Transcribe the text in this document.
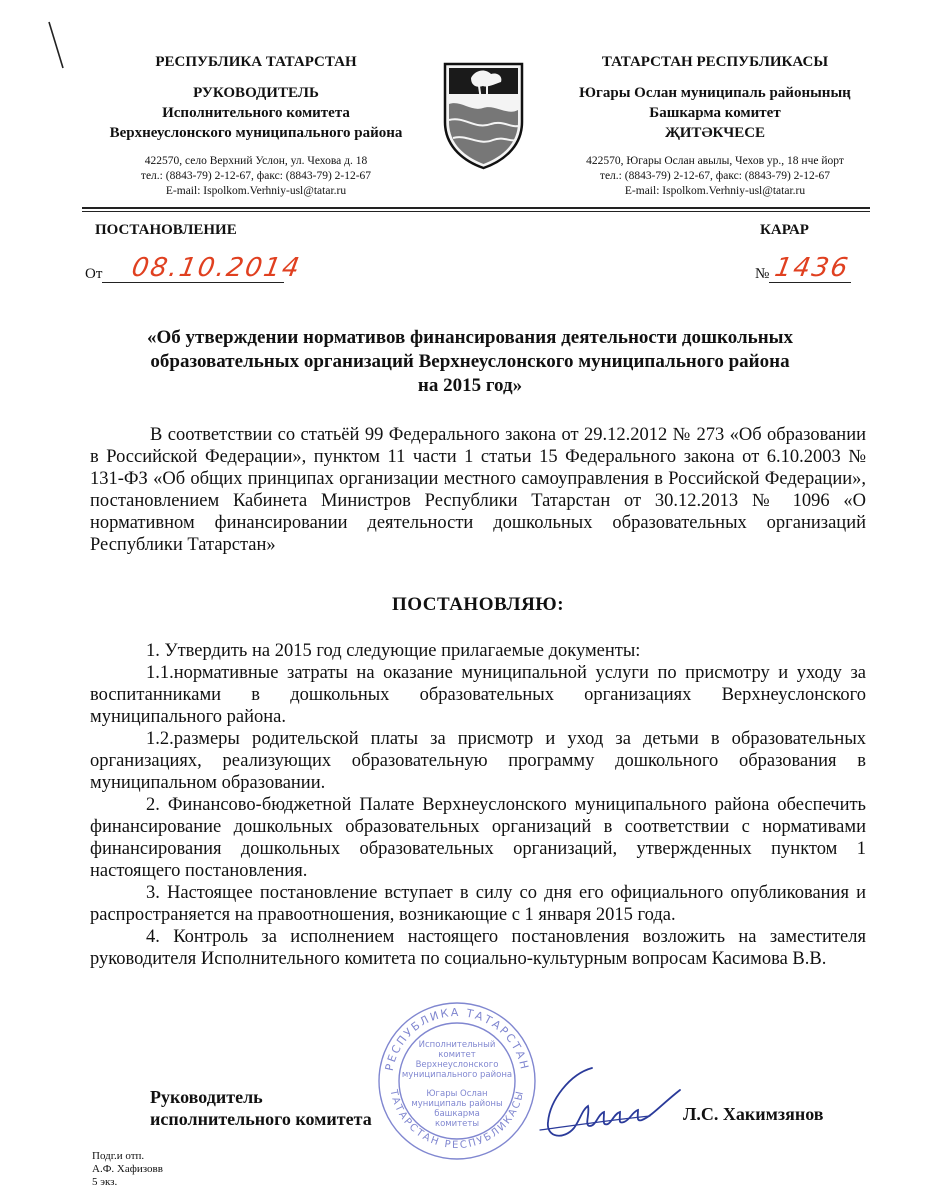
РЕСПУБЛИКА ТАТАРСТАН
РУКОВОДИТЕЛЬ
Исполнительного комитета
Верхнеуслонского муниципального района
422570, село Верхний Услон, ул. Чехова д. 18
тел.: (8843-79) 2-12-67, факс: (8843-79) 2-12-67
E-mail: Ispolkom.Verhniy-usl@tatar.ru
ТАТАРСТАН РЕСПУБЛИКАСЫ
Югары Ослан муниципаль районының
Башкарма комитет
ҖИТӘКЧЕСЕ
422570, Югары Ослан авылы, Чехов ур., 18 нче йорт
тел.: (8843-79) 2-12-67, факс: (8843-79) 2-12-67
E-mail: Ispolkom.Verhniy-usl@tatar.ru
ПОСТАНОВЛЕНИЕ	КАРАР
От 08.10.2014	№ 1436
«Об утверждении нормативов финансирования деятельности дошкольных
образовательных организаций Верхнеуслонского муниципального района
на 2015 год»
В соответствии со статьёй 99 Федерального закона от 29.12.2012 № 273 «Об образовании в Российской Федерации», пунктом 11 части 1 статьи 15 Федерального закона от 6.10.2003 № 131-ФЗ «Об общих принципах организации местного самоуправления в Российской Федерации», постановлением Кабинета Министров Республики Татарстан от 30.12.2013 № 1096 «О нормативном финансировании деятельности дошкольных образовательных организаций Республики Татарстан»
ПОСТАНОВЛЯЮ:

1. Утвердить на 2015 год следующие прилагаемые документы:

1.1.нормативные затраты на оказание муниципальной услуги по присмотру и уходу за воспитанниками в дошкольных образовательных организациях Верхнеуслонского муниципального района.

1.2.размеры родительской платы за присмотр и уход за детьми в образовательных организациях, реализующих образовательную программу дошкольного образования в муниципальном образовании.

2. Финансово-бюджетной Палате Верхнеуслонского муниципального района обеспечить финансирование дошкольных образовательных организаций в соответствии с нормативами финансирования дошкольных образовательных организаций, утвержденных пунктом 1 настоящего постановления.

3. Настоящее постановление вступает в силу со дня его официального опубликования и распространяется на правоотношения, возникающие с 1 января 2015 года.

4. Контроль за исполнением настоящего постановления возложить на заместителя руководителя Исполнительного комитета по социально-культурным вопросам Касимова В.В.

Руководитель
исполнительного комитета	Л.С. Хакимзянов
РЕСПУБЛИКА ТАТАРСТАН
ТАТАРСТАН РЕСПУБЛИКАСЫ
Исполнительный
комитет
Верхнеуслонского
муниципального района
Югары Ослан
муниципаль районы
башкарма
комитеты
Подг.и отп.
А.Ф. Хафизовв
5 экз.
